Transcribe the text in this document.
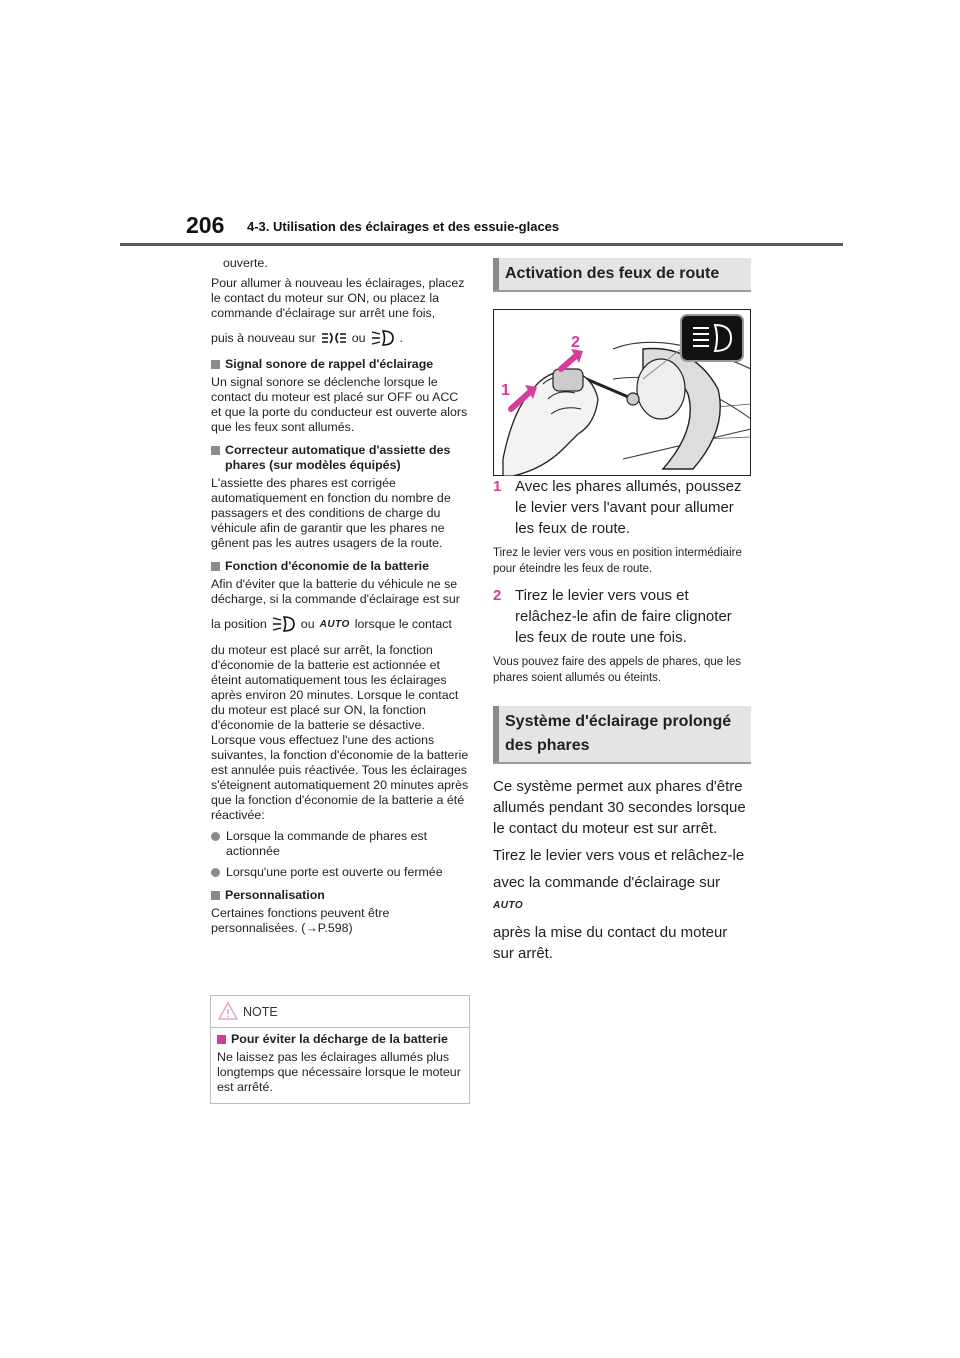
206 4-3. Utilisation des éclairages et des essuie-glaces

ouverte.

Pour allumer à nouveau les éclairages, placez le contact du moteur sur ON, ou placez la commande d'éclairage sur arrêt une fois,

puis à nouveau sur	ou	.
Signal sonore de rappel d'éclairage

Un signal sonore se déclenche lorsque le contact du moteur est placé sur OFF ou ACC et que la porte du conducteur est ouverte alors que les feux sont allumés.

Correcteur automatique d'assiette des phares (sur modèles équipés)

L'assiette des phares est corrigée automatiquement en fonction du nombre de passagers et des conditions de charge du véhicule afin de garantir que les phares ne gênent pas les autres usagers de la route.

Fonction d'économie de la batterie

Afin d'éviter que la batterie du véhicule ne se décharge, si la commande d'éclairage est sur

la position	ou AUTO lorsque le contact

du moteur est placé sur arrêt, la fonction d'économie de la batterie est actionnée et éteint automatiquement tous les éclairages après environ 20 minutes. Lorsque le contact du moteur est placé sur ON, la fonction d'économie de la batterie se désactive. Lorsque vous effectuez l'une des actions suivantes, la fonction d'économie de la batterie est annulée puis réactivée. Tous les éclairages s'éteignent automatiquement 20 minutes après que la fonction d'économie de la batterie a été réactivée:

Lorsque la commande de phares est actionnée
Lorsqu'une porte est ouverte ou fermée
Personnalisation

Certaines fonctions peuvent être personnalisées. (→P.598)

NOTE
Pour éviter la décharge de la batterie

Ne laissez pas les éclairages allumés plus longtemps que nécessaire lorsque le moteur est arrêté.

Activation des feux de route
1 Avec les phares allumés, poussez le levier vers l'avant pour allumer les feux de route.

Tirez le levier vers vous en position intermédiaire pour éteindre les feux de route.

2 Tirez le levier vers vous et relâchez-le afin de faire clignoter les feux de route une fois.

Vous pouvez faire des appels de phares, que les phares soient allumés ou éteints.

Système d'éclairage prolongé des phares

Ce système permet aux phares d'être allumés pendant 30 secondes lorsque le contact du moteur est sur arrêt.

Tirez le levier vers vous et relâchez-le

avec la commande d'éclairage sur AUTO

après la mise du contact du moteur sur arrêt.

1
2
